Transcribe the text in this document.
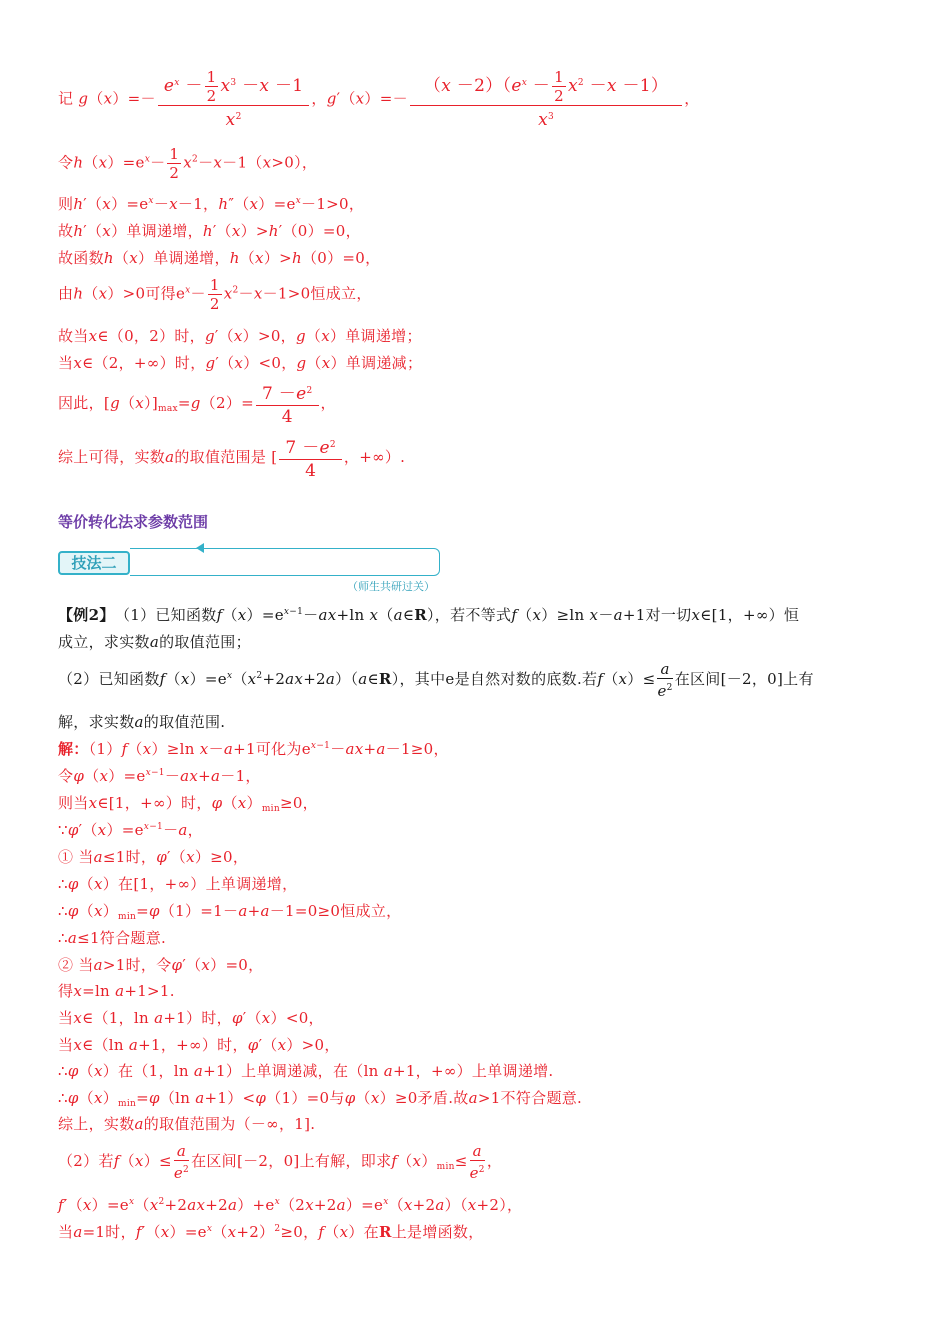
记 $g(x)=- \frac{e^x - \frac{1}{2} x^3 -x -1}{x^2}$ ，$g'(x)=- \frac{(x -2)(e^x - \frac{1}{2} x^2 -x -1)}{x^3}$ ，
令$h(x)=e^x- \frac{1}{2} x^2-x-1(x>0)$，
则$h'(x)=e^x-x-1$，$h''(x)=e^x-1>0$，
故h′（x）单调递增，h′（x）>h′（0）=0，
故函数h（x）单调递增，h（x）>h（0）=0，
由h（x）>0可得$e^x- \frac{1}{2} x^2-x-1>0$恒成立，
故当x∈（0，2）时，g′（x）>0，g（x）单调递增；
当x∈（2，+∞）时，g′（x）<0，g（x）单调递减；
因此，$[g(x)]_{max}=g(2)= \frac{7 -e^2}{4}$ ，
综上可得，实数a的取值范围是 [ $\frac{7 -e^2}{4}$ ，+∞）.
等价转化法求参数范围
技法二
（师生共研过关）
【例2】　（1）已知函数$f(x)=e^{x-1}-ax+\ln$ x（a∈R），若不等式f（x）≥ln x－a+1对一切x∈[1，+∞）恒
成立，求实数a的取值范围；
（2）已知函数$f(x)=e^x(x^2+2ax+2a)(a\in R)$，其中e是自然对数的底数.若$f(x)\le \frac{a}{e^2}$ 在区间[－2，0]上有
解，求实数a的取值范围.
解：（1）f（x）≥ln x－a+1可化为$e^{x-1}-ax+a-1\ge 0$，
令$\varphi(x)=e^{x-1}-ax+a-1$，
则当x∈[1，+∞）时，$\varphi(x)_{min}\ge 0$，
$\because\varphi'(x)=e^{x-1}-a$，
① 当a≤1时，φ′（x）≥0，
∴φ（x）在[1，+∞）上单调递增，
$\therefore\varphi(x)_{min}=\varphi(1)=1-a+a-1=0\ge 0$恒成立，
∴a≤1符合题意.
② 当a>1时，令φ′（x）=0，
得x=ln a+1>1.
当x∈（1，ln a+1）时，φ′（x）<0，
当x∈（ln a+1，+∞）时，φ′（x）>0，
∴φ（x）在（1，ln a+1）上单调递减，在（ln a+1，+∞）上单调递增.
$\therefore\varphi(x)_{min}=\varphi(\ln$ a+1）<φ（1）=0与φ（x）≥0矛盾.故a>1不符合题意.
综上，实数a的取值范围为（－∞，1].
（2）若$f(x)\le \frac{a}{e^2}$ 在区间[－2，0]上有解，即求$f(x)_{min}\le \frac{a}{e^2}$ ，
$f'(x)=e^x(x^2+2ax+2a)+e^x(2x+2a)=e^x(x+2a)(x+2)$，
当a=1时，$f'(x)=e^x(x+2)^2\ge 0$，f（x）在R上是增函数，
